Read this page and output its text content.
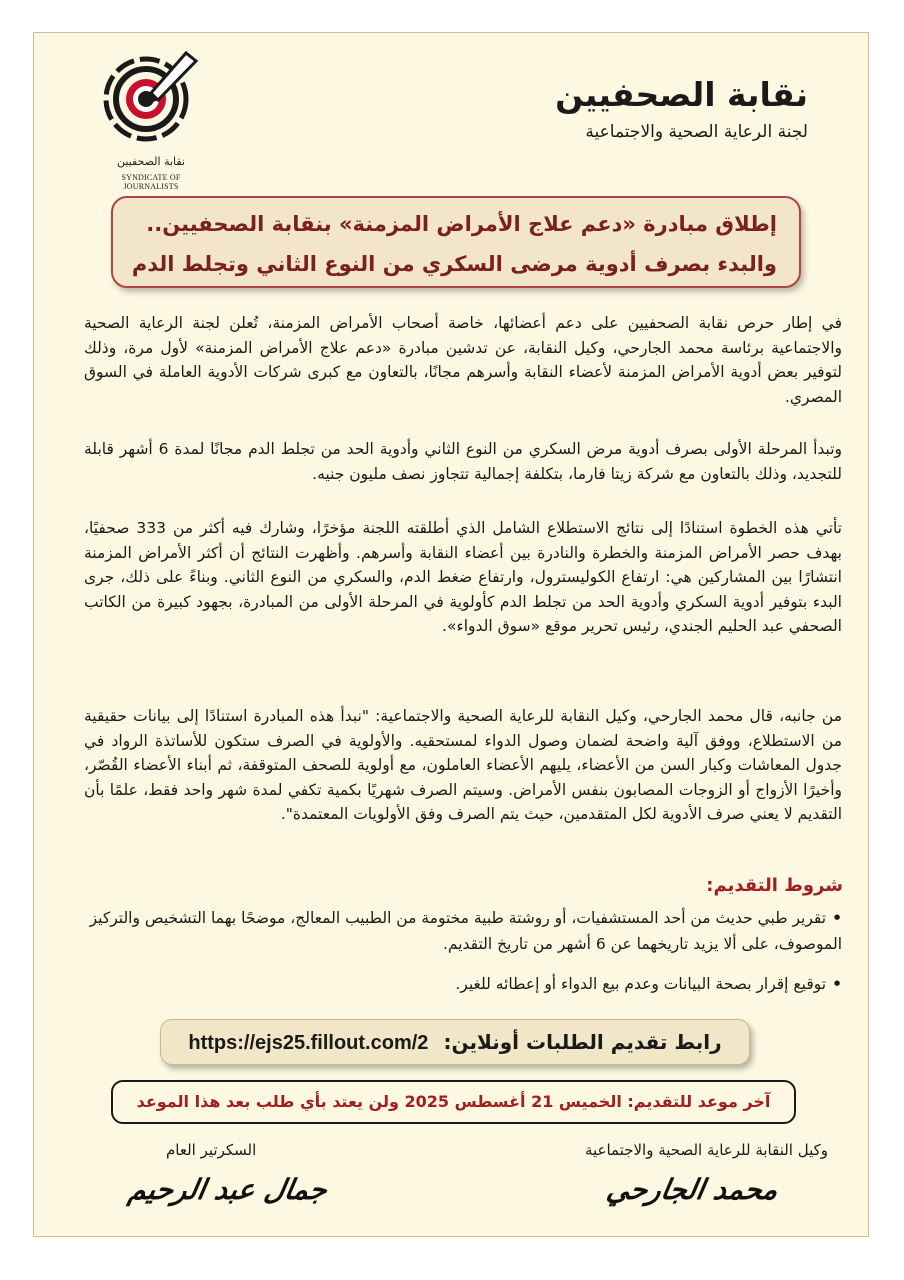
نقابة الصحفيين
SYNDICATE OF JOURNALISTS

نقابة الصحفيين

لجنة الرعاية الصحية والاجتماعية

إطلاق مبادرة «دعم علاج الأمراض المزمنة» بنقابة الصحفيين..
والبدء بصرف أدوية مرضى السكري من النوع الثاني وتجلط الدم

في إطار حرص نقابة الصحفيين على دعم أعضائها، خاصة أصحاب الأمراض المزمنة، تُعلن لجنة الرعاية الصحية والاجتماعية برئاسة محمد الجارحي، وكيل النقابة، عن تدشين مبادرة «دعم علاج الأمراض المزمنة» لأول مرة، وذلك لتوفير بعض أدوية الأمراض المزمنة لأعضاء النقابة وأسرهم مجانًا، بالتعاون مع كبرى شركات الأدوية العاملة في السوق المصري.

وتبدأ المرحلة الأولى بصرف أدوية مرض السكري من النوع الثاني وأدوية الحد من تجلط الدم مجانًا لمدة 6 أشهر قابلة للتجديد، وذلك بالتعاون مع شركة زيتا فارما، بتكلفة إجمالية تتجاوز نصف مليون جنيه.

تأتي هذه الخطوة استنادًا إلى نتائج الاستطلاع الشامل الذي أطلقته اللجنة مؤخرًا، وشارك فيه أكثر من 333 صحفيًا، بهدف حصر الأمراض المزمنة والخطرة والنادرة بين أعضاء النقابة وأسرهم. وأظهرت النتائج أن أكثر الأمراض المزمنة انتشارًا بين المشاركين هي: ارتفاع الكوليسترول، وارتفاع ضغط الدم، والسكري من النوع الثاني. وبناءً على ذلك، جرى البدء بتوفير أدوية السكري وأدوية الحد من تجلط الدم كأولوية في المرحلة الأولى من المبادرة، بجهود كبيرة من الكاتب الصحفي عبد الحليم الجندي، رئيس تحرير موقع «سوق الدواء».

من جانبه، قال محمد الجارحي، وكيل النقابة للرعاية الصحية والاجتماعية: "نبدأ هذه المبادرة استنادًا إلى بيانات حقيقية من الاستطلاع، ووفق آلية واضحة لضمان وصول الدواء لمستحقيه. والأولوية في الصرف ستكون للأساتذة الرواد في جدول المعاشات وكبار السن من الأعضاء، يليهم الأعضاء العاملون، مع أولوية للصحف المتوقفة، ثم أبناء الأعضاء القُصّر، وأخيرًا الأزواج أو الزوجات المصابون بنفس الأمراض. وسيتم الصرف شهريًا بكمية تكفي لمدة شهر واحد فقط، علمًا بأن التقديم لا يعني صرف الأدوية لكل المتقدمين، حيث يتم الصرف وفق الأولويات المعتمدة".

شروط التقديم:

•تقرير طبي حديث من أحد المستشفيات، أو روشتة طبية مختومة من الطبيب المعالج، موضحًا بهما التشخيص والتركيز الموصوف، على ألا يزيد تاريخهما عن 6 أشهر من تاريخ التقديم.

•توقيع إقرار بصحة البيانات وعدم بيع الدواء أو إعطائه للغير.

رابط تقديم الطلبات أونلاين: https://ejs25.fillout.com/2
آخر موعد للتقديم: الخميس 21 أغسطس 2025 ولن يعتد بأي طلب بعد هذا الموعد

وكيل النقابة للرعاية الصحية والاجتماعية

السكرتير العام

محمد الجارحي
جمال عبد الرحيم
